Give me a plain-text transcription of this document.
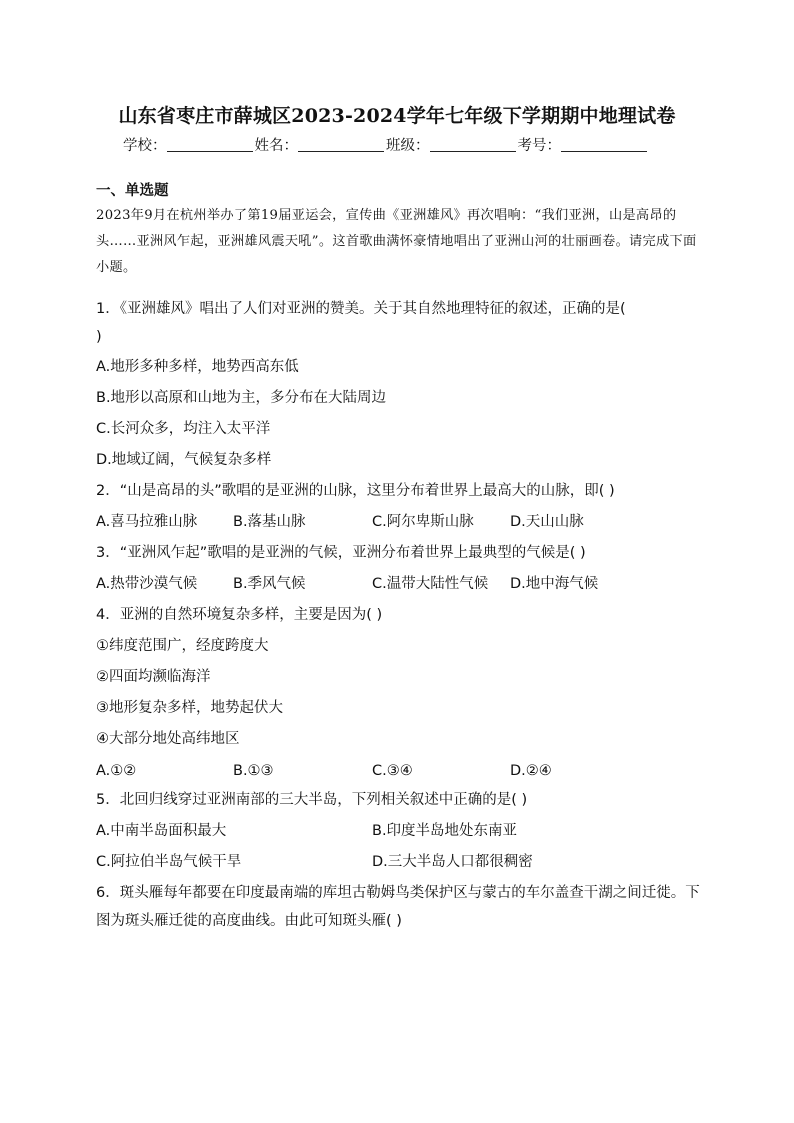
山东省枣庄市薛城区2023-2024学年七年级下学期期中地理试卷
学校：	姓名：	班级：	考号：
一、单选题
2023年9月在杭州举办了第19届亚运会，宣传曲《亚洲雄风》再次唱响：“我们亚洲，山是高昂的头……亚洲风乍起，亚洲雄风震天吼”。这首歌曲满怀豪情地唱出了亚洲山河的壮丽画卷。请完成下面小题。
1．《亚洲雄风》唱出了人们对亚洲的赞美。关于其自然地理特征的叙述，正确的是(
)
A.地形多种多样，地势西高东低
B.地形以高原和山地为主，多分布在大陆周边
C.长河众多，均注入太平洋
D.地域辽阔，气候复杂多样
2．“山是高昂的头”歌唱的是亚洲的山脉，这里分布着世界上最高大的山脉，即( )
A.喜马拉雅山脉 B.落基山脉	C.阿尔卑斯山脉	D.天山山脉
3．“亚洲风乍起”歌唱的是亚洲的气候，亚洲分布着世界上最典型的气候是( )
A.热带沙漠气候 B.季风气候	C.温带大陆性气候 D.地中海气候
4．亚洲的自然环境复杂多样，主要是因为( )
①纬度范围广，经度跨度大
②四面均濒临海洋
③地形复杂多样，地势起伏大
④大部分地处高纬地区
A.①②	B.①③	C.③④	D.②④
5．北回归线穿过亚洲南部的三大半岛，下列相关叙述中正确的是( )
A.中南半岛面积最大	B.印度半岛地处东南亚
C.阿拉伯半岛气候干旱	D.三大半岛人口都很稠密
6．斑头雁每年都要在印度最南端的库坦古勒姆鸟类保护区与蒙古的车尔盖查干湖之间迁徙。下图为斑头雁迁徙的高度曲线。由此可知斑头雁( )
